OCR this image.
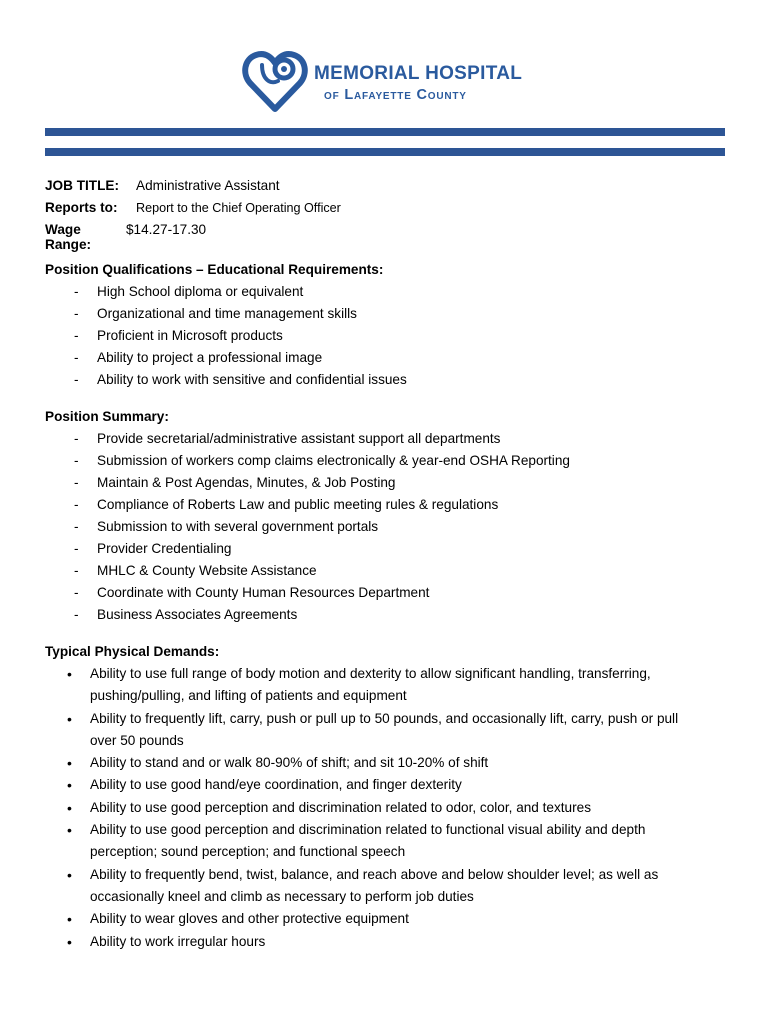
MEMORIAL HOSPITAL
of Lafayette County
JOB TITLE:	Administrative Assistant
Reports to:	Report to the Chief Operating Officer
Wage Range:
$14.27-17.30
Position Qualifications – Educational Requirements:
- High School diploma or equivalent
- Organizational and time management skills
- Proficient in Microsoft products
- Ability to project a professional image
- Ability to work with sensitive and confidential issues
Position Summary:
- Provide secretarial/administrative assistant support all departments
- Submission of workers comp claims electronically & year-end OSHA Reporting
- Maintain & Post Agendas, Minutes, & Job Posting
- Compliance of Roberts Law and public meeting rules & regulations
- Submission to with several government portals
- Provider Credentialing
- MHLC & County Website Assistance
- Coordinate with County Human Resources Department
- Business Associates Agreements
Typical Physical Demands:
• Ability to use full range of body motion and dexterity to allow significant handling, transferring, pushing/pulling, and lifting of patients and equipment
• Ability to frequently lift, carry, push or pull up to 50 pounds, and occasionally lift, carry, push or pull over 50 pounds
• Ability to stand and or walk 80-90% of shift; and sit 10-20% of shift
• Ability to use good hand/eye coordination, and finger dexterity
• Ability to use good perception and discrimination related to odor, color, and textures
• Ability to use good perception and discrimination related to functional visual ability and depth perception; sound perception; and functional speech
• Ability to frequently bend, twist, balance, and reach above and below shoulder level; as well as occasionally kneel and climb as necessary to perform job duties
• Ability to wear gloves and other protective equipment
• Ability to work irregular hours
